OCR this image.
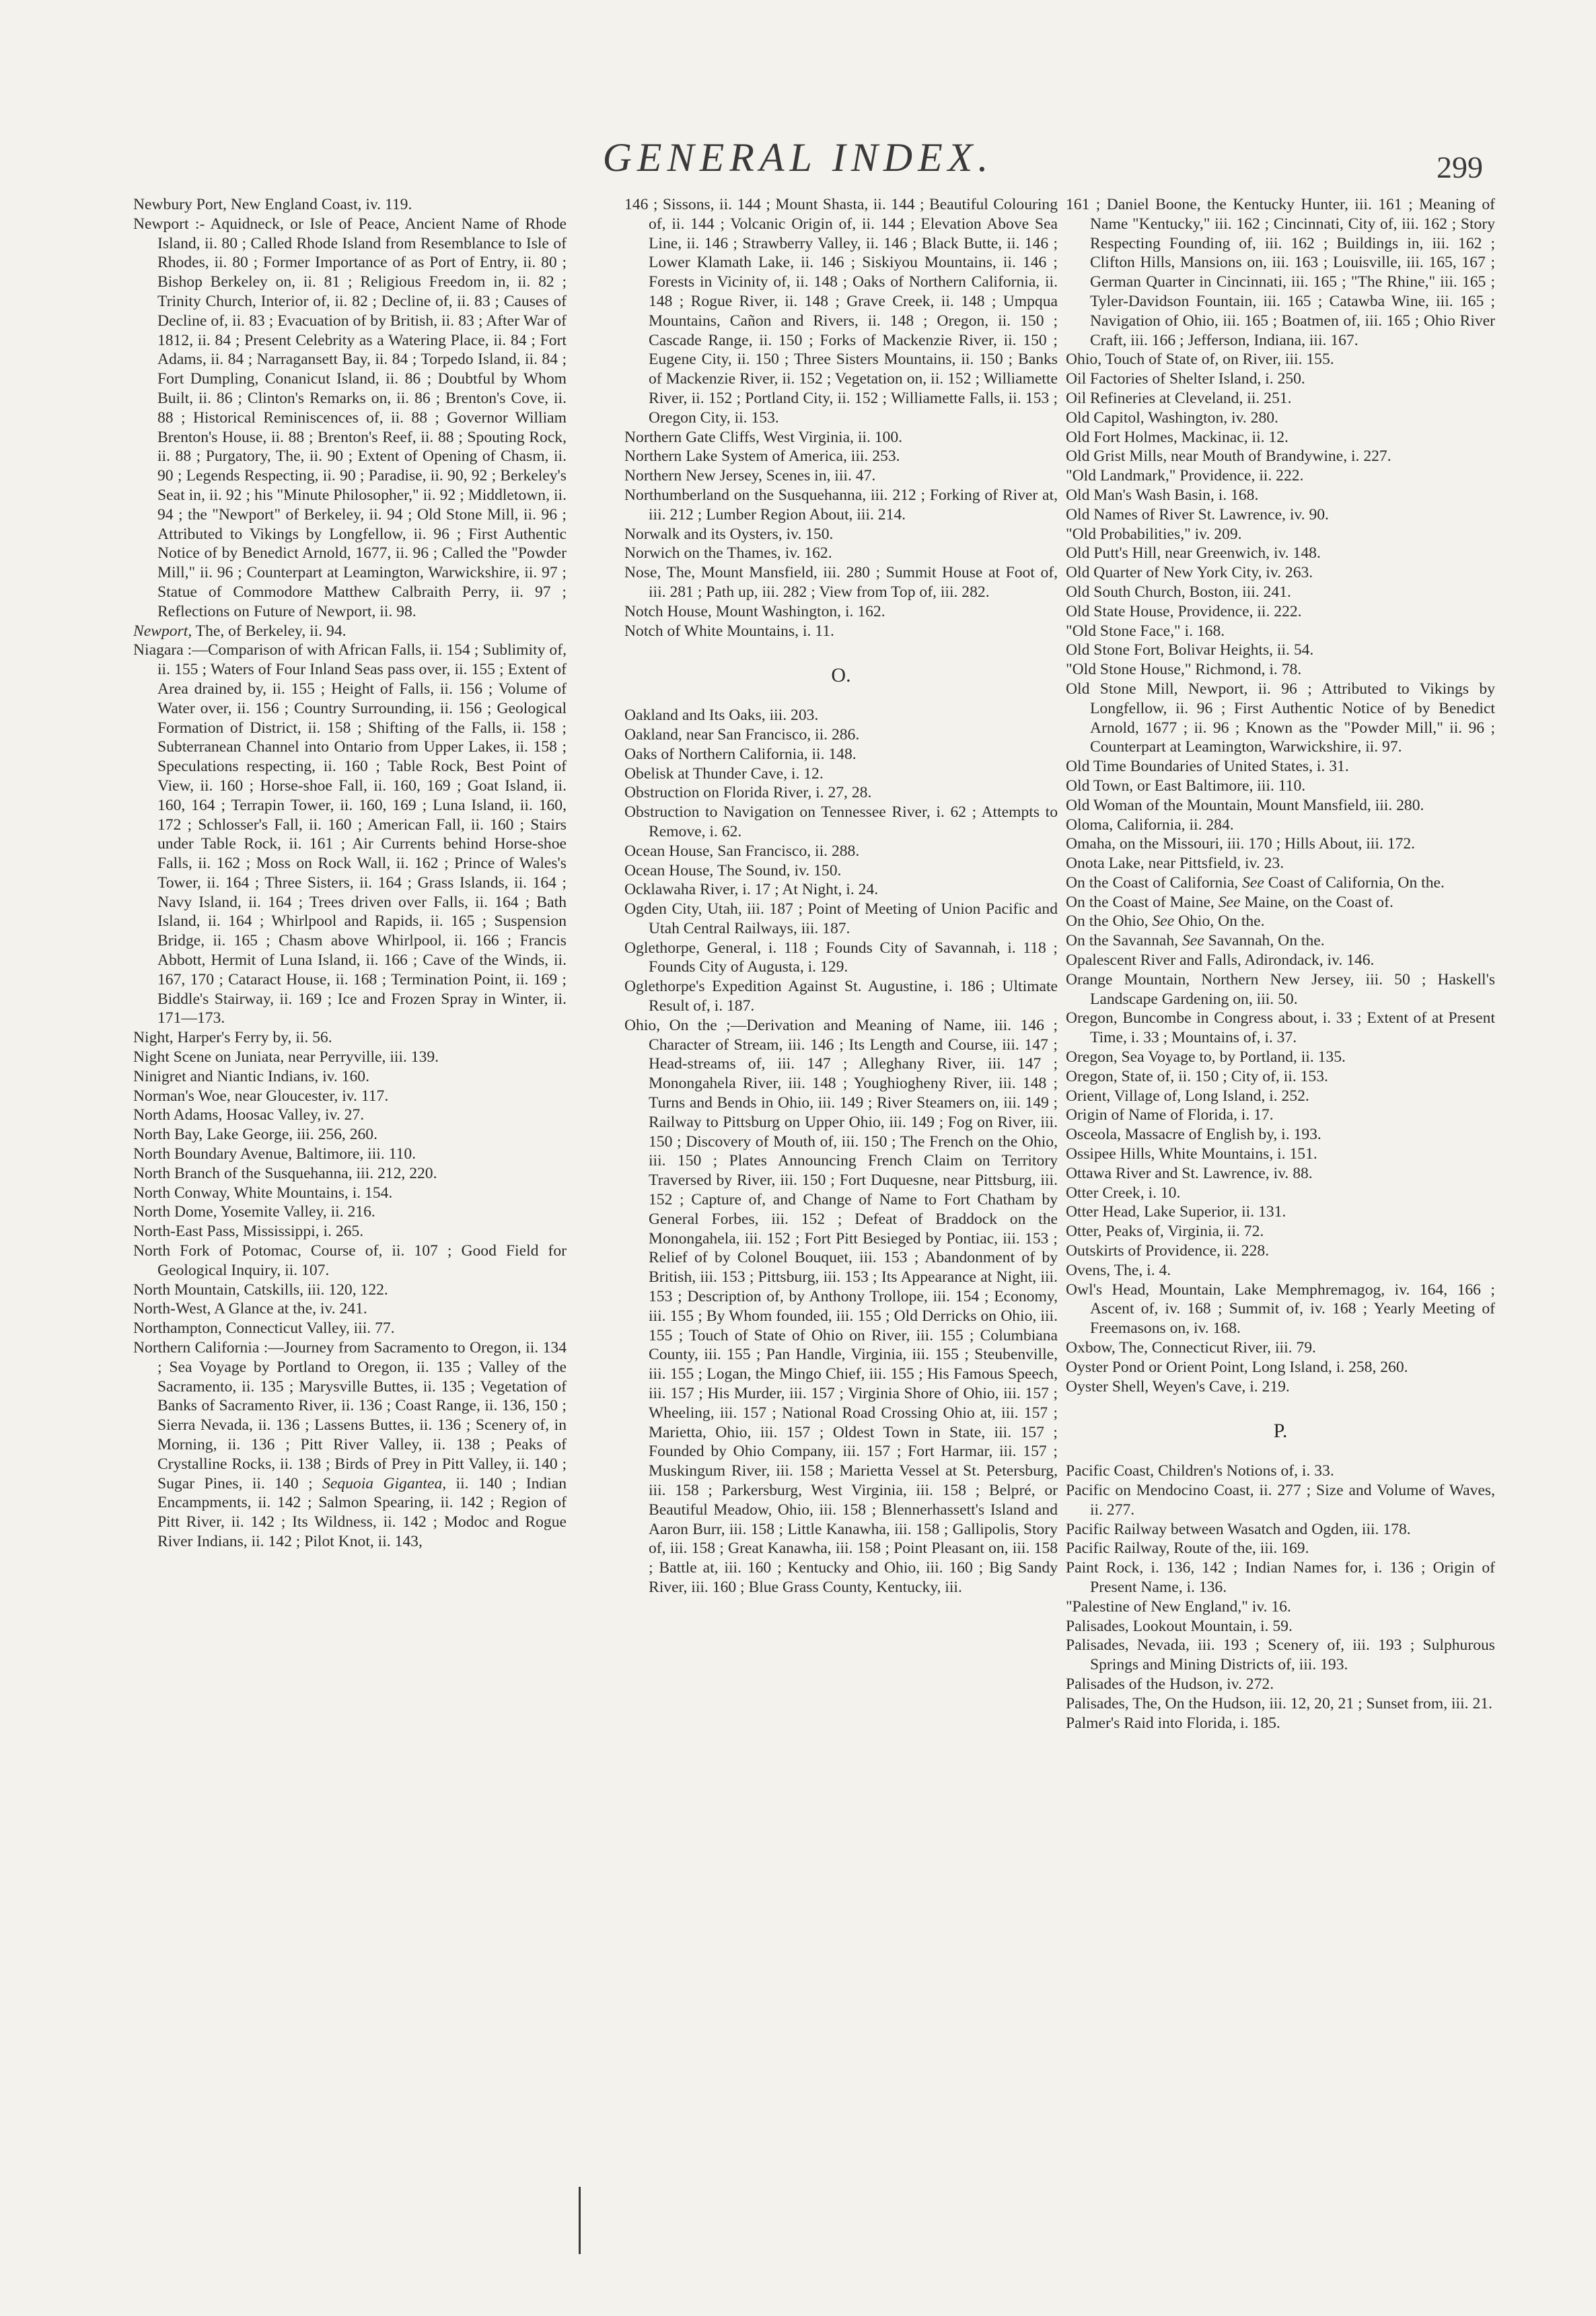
GENERAL INDEX.	299

Newbury Port, New England Coast, iv. 119.

Newport :- Aquidneck, or Isle of Peace, Ancient Name of Rhode Island, ii. 80 ; Called Rhode Island from Resemblance to Isle of Rhodes, ii. 80 ; Former Importance of as Port of Entry, ii. 80 ; Bishop Berkeley on, ii. 81 ; Religious Freedom in, ii. 82 ; Trinity Church, Interior of, ii. 82 ; Decline of, ii. 83 ; Causes of Decline of, ii. 83 ; Evacuation of by British, ii. 83 ; After War of 1812, ii. 84 ; Present Celebrity as a Watering Place, ii. 84 ; Fort Adams, ii. 84 ; Narragansett Bay, ii. 84 ; Torpedo Island, ii. 84 ; Fort Dumpling, Conanicut Island, ii. 86 ; Doubtful by Whom Built, ii. 86 ; Clinton's Remarks on, ii. 86 ; Brenton's Cove, ii. 88 ; Historical Reminiscences of, ii. 88 ; Governor William Brenton's House, ii. 88 ; Brenton's Reef, ii. 88 ; Spouting Rock, ii. 88 ; Purgatory, The, ii. 90 ; Extent of Opening of Chasm, ii. 90 ; Legends Respecting, ii. 90 ; Paradise, ii. 90, 92 ; Berkeley's Seat in, ii. 92 ; his "Minute Philosopher," ii. 92 ; Middletown, ii. 94 ; the "Newport" of Berkeley, ii. 94 ; Old Stone Mill, ii. 96 ; Attributed to Vikings by Longfellow, ii. 96 ; First Authentic Notice of by Benedict Arnold, 1677, ii. 96 ; Called the "Powder Mill," ii. 96 ; Counterpart at Leamington, Warwickshire, ii. 97 ; Statue of Commodore Matthew Calbraith Perry, ii. 97 ; Reflections on Future of Newport, ii. 98.

Newport, The, of Berkeley, ii. 94.

Niagara :—Comparison of with African Falls, ii. 154 ; Sublimity of, ii. 155 ; Waters of Four Inland Seas pass over, ii. 155 ; Extent of Area drained by, ii. 155 ; Height of Falls, ii. 156 ; Volume of Water over, ii. 156 ; Country Surrounding, ii. 156 ; Geological Formation of District, ii. 158 ; Shifting of the Falls, ii. 158 ; Subterranean Channel into Ontario from Upper Lakes, ii. 158 ; Speculations respecting, ii. 160 ; Table Rock, Best Point of View, ii. 160 ; Horse-shoe Fall, ii. 160, 169 ; Goat Island, ii. 160, 164 ; Terrapin Tower, ii. 160, 169 ; Luna Island, ii. 160, 172 ; Schlosser's Fall, ii. 160 ; American Fall, ii. 160 ; Stairs under Table Rock, ii. 161 ; Air Currents behind Horse-shoe Falls, ii. 162 ; Moss on Rock Wall, ii. 162 ; Prince of Wales's Tower, ii. 164 ; Three Sisters, ii. 164 ; Grass Islands, ii. 164 ; Navy Island, ii. 164 ; Trees driven over Falls, ii. 164 ; Bath Island, ii. 164 ; Whirlpool and Rapids, ii. 165 ; Suspension Bridge, ii. 165 ; Chasm above Whirlpool, ii. 166 ; Francis Abbott, Hermit of Luna Island, ii. 166 ; Cave of the Winds, ii. 167, 170 ; Cataract House, ii. 168 ; Termination Point, ii. 169 ; Biddle's Stairway, ii. 169 ; Ice and Frozen Spray in Winter, ii. 171—173.

Night, Harper's Ferry by, ii. 56.

Night Scene on Juniata, near Perryville, iii. 139.

Ninigret and Niantic Indians, iv. 160.

Norman's Woe, near Gloucester, iv. 117.

North Adams, Hoosac Valley, iv. 27.

North Bay, Lake George, iii. 256, 260.

North Boundary Avenue, Baltimore, iii. 110.

North Branch of the Susquehanna, iii. 212, 220.

North Conway, White Mountains, i. 154.

North Dome, Yosemite Valley, ii. 216.

North-East Pass, Mississippi, i. 265.

North Fork of Potomac, Course of, ii. 107 ; Good Field for Geological Inquiry, ii. 107.

North Mountain, Catskills, iii. 120, 122.

North-West, A Glance at the, iv. 241.

Northampton, Connecticut Valley, iii. 77.

Northern California :—Journey from Sacramento to Oregon, ii. 134 ; Sea Voyage by Portland to Oregon, ii. 135 ; Valley of the Sacramento, ii. 135 ; Marysville Buttes, ii. 135 ; Vegetation of Banks of Sacramento River, ii. 136 ; Coast Range, ii. 136, 150 ; Sierra Nevada, ii. 136 ; Lassens Buttes, ii. 136 ; Scenery of, in Morning, ii. 136 ; Pitt River Valley, ii. 138 ; Peaks of Crystalline Rocks, ii. 138 ; Birds of Prey in Pitt Valley, ii. 140 ; Sugar Pines, ii. 140 ; Sequoia Gigantea, ii. 140 ; Indian Encampments, ii. 142 ; Salmon Spearing, ii. 142 ; Region of Pitt River, ii. 142 ; Its Wildness, ii. 142 ; Modoc and Rogue River Indians, ii. 142 ; Pilot Knot, ii. 143,

146 ; Sissons, ii. 144 ; Mount Shasta, ii. 144 ; Beautiful Colouring of, ii. 144 ; Volcanic Origin of, ii. 144 ; Elevation Above Sea Line, ii. 146 ; Strawberry Valley, ii. 146 ; Black Butte, ii. 146 ; Lower Klamath Lake, ii. 146 ; Siskiyou Mountains, ii. 146 ; Forests in Vicinity of, ii. 148 ; Oaks of Northern California, ii. 148 ; Rogue River, ii. 148 ; Grave Creek, ii. 148 ; Umpqua Mountains, Cañon and Rivers, ii. 148 ; Oregon, ii. 150 ; Cascade Range, ii. 150 ; Forks of Mackenzie River, ii. 150 ; Eugene City, ii. 150 ; Three Sisters Mountains, ii. 150 ; Banks of Mackenzie River, ii. 152 ; Vegetation on, ii. 152 ; Williamette River, ii. 152 ; Portland City, ii. 152 ; Williamette Falls, ii. 153 ; Oregon City, ii. 153.

Northern Gate Cliffs, West Virginia, ii. 100.

Northern Lake System of America, iii. 253.

Northern New Jersey, Scenes in, iii. 47.

Northumberland on the Susquehanna, iii. 212 ; Forking of River at, iii. 212 ; Lumber Region About, iii. 214.

Norwalk and its Oysters, iv. 150.

Norwich on the Thames, iv. 162.

Nose, The, Mount Mansfield, iii. 280 ; Summit House at Foot of, iii. 281 ; Path up, iii. 282 ; View from Top of, iii. 282.

Notch House, Mount Washington, i. 162.

Notch of White Mountains, i. 11.

O.

Oakland and Its Oaks, iii. 203.

Oakland, near San Francisco, ii. 286.

Oaks of Northern California, ii. 148.

Obelisk at Thunder Cave, i. 12.

Obstruction on Florida River, i. 27, 28.

Obstruction to Navigation on Tennessee River, i. 62 ; Attempts to Remove, i. 62.

Ocean House, San Francisco, ii. 288.

Ocean House, The Sound, iv. 150.

Ocklawaha River, i. 17 ; At Night, i. 24.

Ogden City, Utah, iii. 187 ; Point of Meeting of Union Pacific and Utah Central Railways, iii. 187.

Oglethorpe, General, i. 118 ; Founds City of Savannah, i. 118 ; Founds City of Augusta, i. 129.

Oglethorpe's Expedition Against St. Augustine, i. 186 ; Ultimate Result of, i. 187.

Ohio, On the ;—Derivation and Meaning of Name, iii. 146 ; Character of Stream, iii. 146 ; Its Length and Course, iii. 147 ; Head-streams of, iii. 147 ; Alleghany River, iii. 147 ; Monongahela River, iii. 148 ; Youghiogheny River, iii. 148 ; Turns and Bends in Ohio, iii. 149 ; River Steamers on, iii. 149 ; Railway to Pittsburg on Upper Ohio, iii. 149 ; Fog on River, iii. 150 ; Discovery of Mouth of, iii. 150 ; The French on the Ohio, iii. 150 ; Plates Announcing French Claim on Territory Traversed by River, iii. 150 ; Fort Duquesne, near Pittsburg, iii. 152 ; Capture of, and Change of Name to Fort Chatham by General Forbes, iii. 152 ; Defeat of Braddock on the Monongahela, iii. 152 ; Fort Pitt Besieged by Pontiac, iii. 153 ; Relief of by Colonel Bouquet, iii. 153 ; Abandonment of by British, iii. 153 ; Pittsburg, iii. 153 ; Its Appearance at Night, iii. 153 ; Description of, by Anthony Trollope, iii. 154 ; Economy, iii. 155 ; By Whom founded, iii. 155 ; Old Derricks on Ohio, iii. 155 ; Touch of State of Ohio on River, iii. 155 ; Columbiana County, iii. 155 ; Pan Handle, Virginia, iii. 155 ; Steubenville, iii. 155 ; Logan, the Mingo Chief, iii. 155 ; His Famous Speech, iii. 157 ; His Murder, iii. 157 ; Virginia Shore of Ohio, iii. 157 ; Wheeling, iii. 157 ; National Road Crossing Ohio at, iii. 157 ; Marietta, Ohio, iii. 157 ; Oldest Town in State, iii. 157 ; Founded by Ohio Company, iii. 157 ; Fort Harmar, iii. 157 ; Muskingum River, iii. 158 ; Marietta Vessel at St. Petersburg, iii. 158 ; Parkersburg, West Virginia, iii. 158 ; Belpré, or Beautiful Meadow, Ohio, iii. 158 ; Blennerhassett's Island and Aaron Burr, iii. 158 ; Little Kanawha, iii. 158 ; Gallipolis, Story of, iii. 158 ; Great Kanawha, iii. 158 ; Point Pleasant on, iii. 158 ; Battle at, iii. 160 ; Kentucky and Ohio, iii. 160 ; Big Sandy River, iii. 160 ; Blue Grass County, Kentucky, iii.

161 ; Daniel Boone, the Kentucky Hunter, iii. 161 ; Meaning of Name "Kentucky," iii. 162 ; Cincinnati, City of, iii. 162 ; Story Respecting Founding of, iii. 162 ; Buildings in, iii. 162 ; Clifton Hills, Mansions on, iii. 163 ; Louisville, iii. 165, 167 ; German Quarter in Cincinnati, iii. 165 ; "The Rhine," iii. 165 ; Tyler-Davidson Fountain, iii. 165 ; Catawba Wine, iii. 165 ; Navigation of Ohio, iii. 165 ; Boatmen of, iii. 165 ; Ohio River Craft, iii. 166 ; Jefferson, Indiana, iii. 167.

Ohio, Touch of State of, on River, iii. 155.

Oil Factories of Shelter Island, i. 250.

Oil Refineries at Cleveland, ii. 251.

Old Capitol, Washington, iv. 280.

Old Fort Holmes, Mackinac, ii. 12.

Old Grist Mills, near Mouth of Brandywine, i. 227.

"Old Landmark," Providence, ii. 222.

Old Man's Wash Basin, i. 168.

Old Names of River St. Lawrence, iv. 90.

"Old Probabilities," iv. 209.

Old Putt's Hill, near Greenwich, iv. 148.

Old Quarter of New York City, iv. 263.

Old South Church, Boston, iii. 241.

Old State House, Providence, ii. 222.

"Old Stone Face," i. 168.

Old Stone Fort, Bolivar Heights, ii. 54.

"Old Stone House," Richmond, i. 78.

Old Stone Mill, Newport, ii. 96 ; Attributed to Vikings by Longfellow, ii. 96 ; First Authentic Notice of by Benedict Arnold, 1677 ; ii. 96 ; Known as the "Powder Mill," ii. 96 ; Counterpart at Leamington, Warwickshire, ii. 97.

Old Time Boundaries of United States, i. 31.

Old Town, or East Baltimore, iii. 110.

Old Woman of the Mountain, Mount Mansfield, iii. 280.

Oloma, California, ii. 284.

Omaha, on the Missouri, iii. 170 ; Hills About, iii. 172.

Onota Lake, near Pittsfield, iv. 23.

On the Coast of California, See Coast of California, On the.

On the Coast of Maine, See Maine, on the Coast of.

On the Ohio, See Ohio, On the.

On the Savannah, See Savannah, On the.

Opalescent River and Falls, Adirondack, iv. 146.

Orange Mountain, Northern New Jersey, iii. 50 ; Haskell's Landscape Gardening on, iii. 50.

Oregon, Buncombe in Congress about, i. 33 ; Extent of at Present Time, i. 33 ; Mountains of, i. 37.

Oregon, Sea Voyage to, by Portland, ii. 135.

Oregon, State of, ii. 150 ; City of, ii. 153.

Orient, Village of, Long Island, i. 252.

Origin of Name of Florida, i. 17.

Osceola, Massacre of English by, i. 193.

Ossipee Hills, White Mountains, i. 151.

Ottawa River and St. Lawrence, iv. 88.

Otter Creek, i. 10.

Otter Head, Lake Superior, ii. 131.

Otter, Peaks of, Virginia, ii. 72.

Outskirts of Providence, ii. 228.

Ovens, The, i. 4.

Owl's Head, Mountain, Lake Memphremagog, iv. 164, 166 ; Ascent of, iv. 168 ; Summit of, iv. 168 ; Yearly Meeting of Freemasons on, iv. 168.

Oxbow, The, Connecticut River, iii. 79.

Oyster Pond or Orient Point, Long Island, i. 258, 260.

Oyster Shell, Weyen's Cave, i. 219.

P.

Pacific Coast, Children's Notions of, i. 33.

Pacific on Mendocino Coast, ii. 277 ; Size and Volume of Waves, ii. 277.

Pacific Railway between Wasatch and Ogden, iii. 178.

Pacific Railway, Route of the, iii. 169.

Paint Rock, i. 136, 142 ; Indian Names for, i. 136 ; Origin of Present Name, i. 136.

"Palestine of New England," iv. 16.

Palisades, Lookout Mountain, i. 59.

Palisades, Nevada, iii. 193 ; Scenery of, iii. 193 ; Sulphurous Springs and Mining Districts of, iii. 193.

Palisades of the Hudson, iv. 272.

Palisades, The, On the Hudson, iii. 12, 20, 21 ; Sunset from, iii. 21.

Palmer's Raid into Florida, i. 185.
